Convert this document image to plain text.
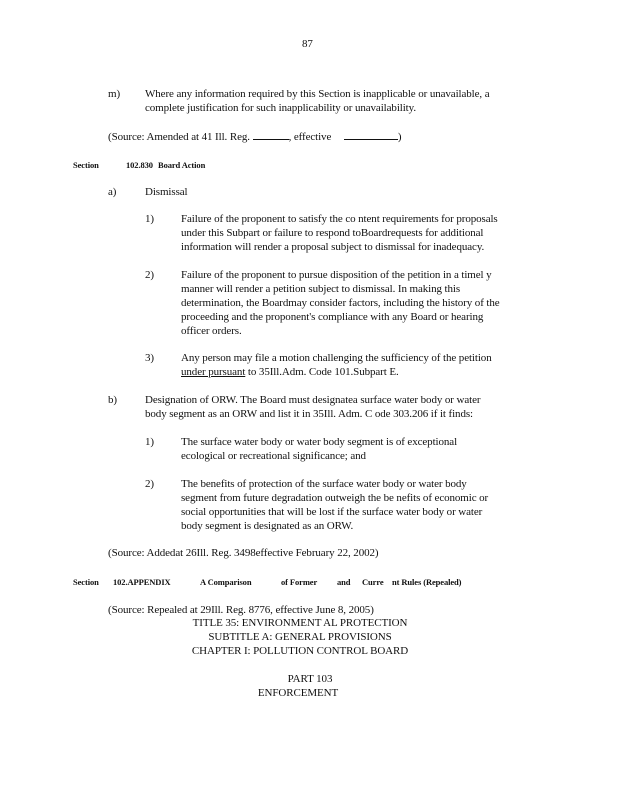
87
m) Where any information required by this Section is inapplicable or unavailable, a
complete justification for such inapplicability or unavailability.
(Source: Amended at 41 Ill. Reg.	, effective	)
Section	102.830 Board Action
a)	Dismissal
1) Failure of the proponent to satisfy the co ntent requirements for proposals
under this Subpart or failure to respond toBoardrequests for additional
information will render a proposal subject to dismissal for inadequacy.
2) Failure of the proponent to pursue disposition of the petition in a timel y
manner will render a petition subject to dismissal. In making this
determination, the Boardmay consider factors, including the history of the
proceeding and the proponent's compliance with any Board or hearing
officer orders.
3) Any person may file a motion challenging the sufficiency of the petition
under pursuant to 35Ill.Adm. Code 101.Subpart E.
b)	Designation of ORW. The Board must designatea surface water body or water
body segment as an ORW and list it in 35Ill. Adm. C ode 303.206 if it finds:
1) The surface water body or water body segment is of exceptional
ecological or recreational significance; and
2) The benefits of protection of the surface water body or water body
segment from future degradation outweigh the be nefits of economic or
social opportunities that will be lost if the surface water body or water
body segment is designated as an ORW.
(Source: Addedat 26Ill. Reg. 3498effective February 22, 2002)
Section 102.APPENDIX	A Comparison	of Former and Curre nt Rules (Repealed)
(Source: Repealed at 29Ill. Reg. 8776, effective June 8, 2005)
TITLE 35: ENVIRONMENT AL PROTECTION
SUBTITLE A: GENERAL PROVISIONS
CHAPTER I: POLLUTION CONTROL BOARD
PART 103
ENFORCEMENT
